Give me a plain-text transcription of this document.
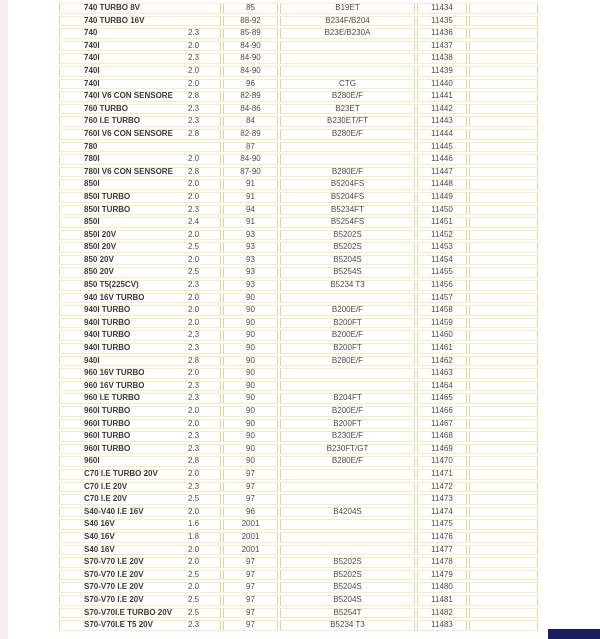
740 TURBO 8V	85	B19ET	11434	
740 TURBO 16V	88-92	B234F/B204	11435	
740 2.3	85-89	B23E/B230A	11436	
740I 2.0	84-90		11437	
740I 2.3	84-90		11438	
740I 2.0	84-90		11439	
740I 2.0	96	CTG	11440	
740I V6 CON SENSORE 2.8	82-89	B280E/F	11441	
760 TURBO 2.3	84-86	B23ET	11442	
760 I.E TURBO 2.3	84	B230ET/FT	11443	
760I V6 CON SENSORE 2.8	82-89	B280E/F	11444	
780	87		11445	
780I 2.0	84-90		11446	
780I V6 CON SENSORE 2.8	87-90	B280E/F	11447	
850I 2.0	91	B5204FS	11448	
850I TURBO 2.0	91	B5204FS	11449	
850I TURBO 2.3	94	B5234FT	11450	
850I 2.4	91	B5254FS	11451	
850I 20V 2.0	93	B5202S	11452	
850I 20V 2.5	93	B5202S	11453	
850 20V 2.0	93	B5204S	11454	
850 20V 2.5	93	B5254S	11455	
850 T5(225CV) 2.3	93	B5234 T3	11456	
940 16V TURBO 2.0	90		11457	
940I TURBO 2.0	90	B200E/F	11458	
940I TURBO 2.0	90	B200FT	11459	
940I TURBO 2.3	90	B200E/F	11460	
940I TURBO 2.3	90	B200FT	11461	
940I 2.8	90	B280E/F	11462	
960 16V TURBO 2.0	90		11463	
960 16V TURBO 2.3	90		11464	
960 I.E TURBO 2.3	90	B204FT	11465	
960I TURBO 2.0	90	B200E/F	11466	
960I TURBO 2.0	90	B200FT	11467	
960I TURBO 2.3	90	B230E/F	11468	
960I TURBO 2.3	90	B230FT/GT	11469	
960I 2.8	90	B280E/F	11470	
C70 I.E TURBO 20V 2.0	97		11471	
C70 I.E 20V 2.3	97		11472	
C70 I.E 20V 2.5	97		11473	
S40-V40 I.E 16V 2.0	96	B4204S	11474	
S40 16V 1.6	2001		11475	
S40 16V 1.8	2001		11476	
S40 16V 2.0	2001		11477	
S70-V70 I.E 20V 2.0	97	B5202S	11478	
S70-V70 I.E 20V 2.5	97	B5202S	11479	
S70-V70 I.E 20V 2.0	97	B5204S	11480	
S70-V70 I.E 20V 2.5	97	B5204S	11481	
S70-V70I.E TURBO 20V 2.5	97	B5254T	11482	
S70-V70I.E T5 20V 2.3	97	B5234 T3	11483	
